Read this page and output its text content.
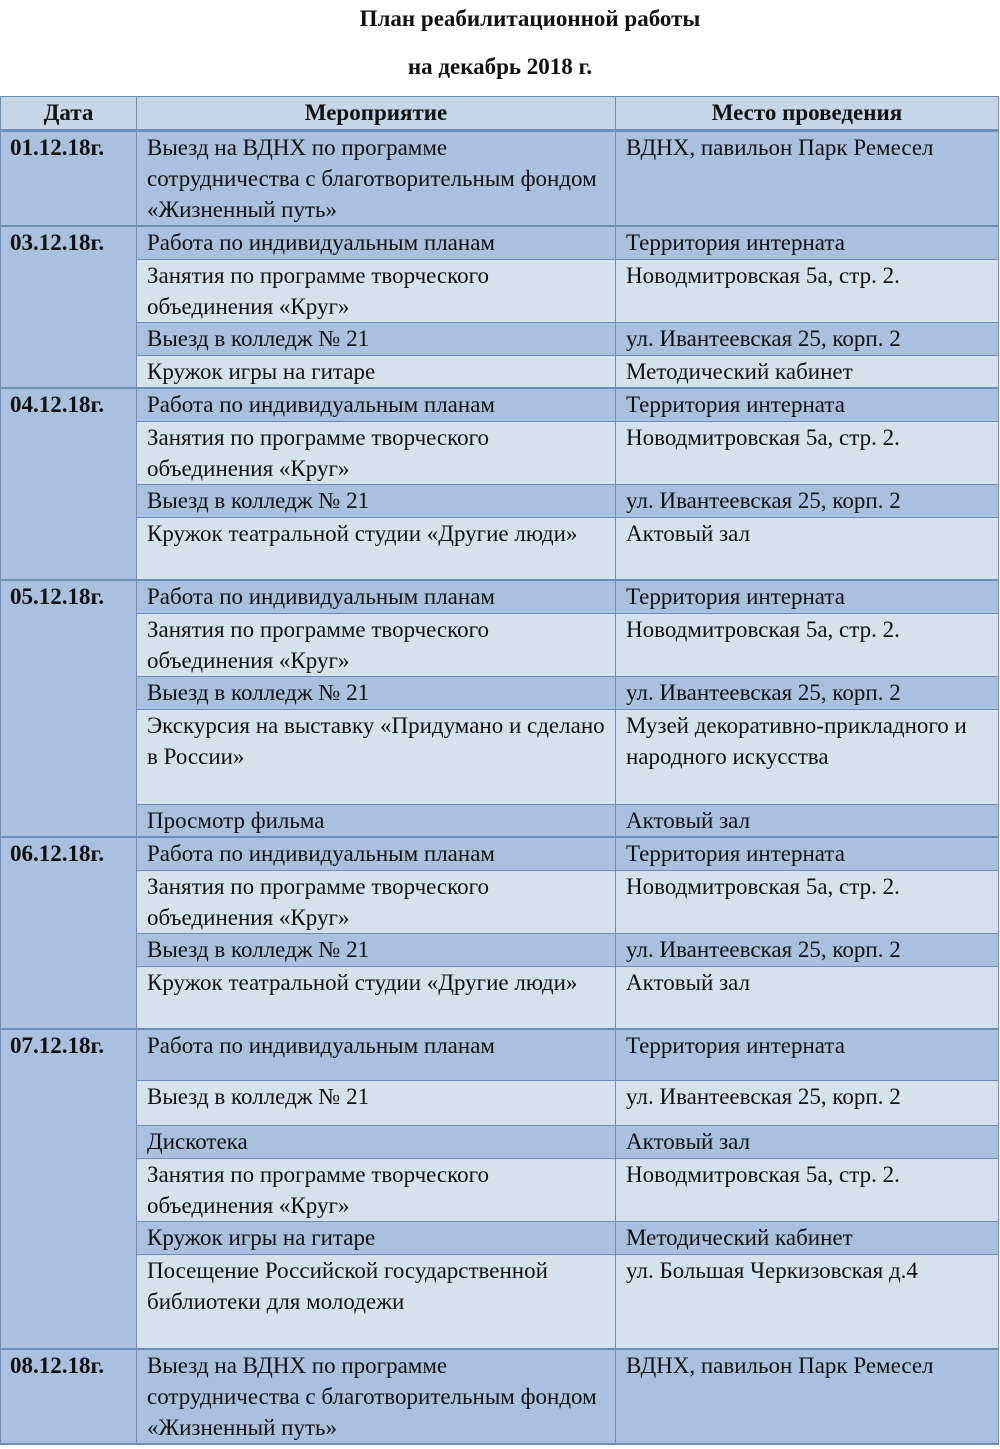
План реабилитационной работы
на декабрь 2018 г.
Дата	Мероприятие	Место проведения
01.12.18г.	Выезд на ВДНХ по программе сотрудничества с благотворительным фондом «Жизненный путь»	ВДНХ, павильон Парк Ремесел
03.12.18г.	Работа по индивидуальным планам	Территория интерната
	Занятия по программе творческого объединения «Круг»	Новодмитровская 5а, стр. 2.
	Выезд в колледж № 21	ул. Ивантеевская 25, корп. 2
	Кружок игры на гитаре	Методический кабинет
04.12.18г.	Работа по индивидуальным планам	Территория интерната
	Занятия по программе творческого объединения «Круг»	Новодмитровская 5а, стр. 2.
	Выезд в колледж № 21	ул. Ивантеевская 25, корп. 2
	Кружок театральной студии «Другие люди»	Актовый зал
05.12.18г.	Работа по индивидуальным планам	Территория интерната
	Занятия по программе творческого объединения «Круг»	Новодмитровская 5а, стр. 2.
	Выезд в колледж № 21	ул. Ивантеевская 25, корп. 2
	Экскурсия на выставку «Придумано и сделано в России»	Музей декоративно-прикладного и народного искусства
	Просмотр фильма	Актовый зал
06.12.18г.	Работа по индивидуальным планам	Территория интерната
	Занятия по программе творческого объединения «Круг»	Новодмитровская 5а, стр. 2.
	Выезд в колледж № 21	ул. Ивантеевская 25, корп. 2
	Кружок театральной студии «Другие люди»	Актовый зал
07.12.18г.	Работа по индивидуальным планам	Территория интерната
	Выезд в колледж № 21	ул. Ивантеевская 25, корп. 2
	Дискотека	Актовый зал
	Занятия по программе творческого объединения «Круг»	Новодмитровская 5а, стр. 2.
	Кружок игры на гитаре	Методический кабинет
	Посещение Российской государственной библиотеки для молодежи	ул. Большая Черкизовская д.4
08.12.18г.	Выезд на ВДНХ по программе сотрудничества с благотворительным фондом «Жизненный путь»	ВДНХ, павильон Парк Ремесел
